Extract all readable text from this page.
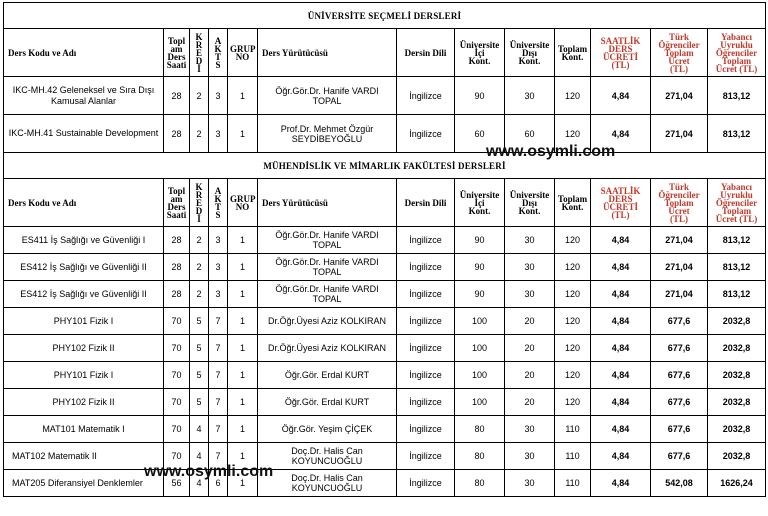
ÜNİVERSİTE SEÇMELİ DERSLERİ												
Ders Kodu ve Adı	Topl
am
Ders
Saati	K
R
E
D
İ	A
K
T
S	GRUP
NO	Ders Yürütücüsü	Dersin Dili	Üniversite
İçi
Kont.	Üniversite
Dışı
Kont.	Toplam
Kont.	SAATLİK
DERS
ÜCRETİ
(TL)	Türk
Öğrenciler
Toplam Ücret
(TL)	Yabancı
Uyruklu
Öğrenciler
Toplam
Ücret (TL)
IKC-MH.42 Geleneksel ve Sıra Dışı Kamusal Alanlar	28	2	3	1	Öğr.Gör.Dr. Hanife VARDI TOPAL	İngilizce	90	30	120	4,84	271,04	813,12
IKC-MH.41 Sustainable Development	28	2	3	1	Prof.Dr. Mehmet Özgür SEYDİBEYOĞLU	İngilizce	60	60	120	4,84	271,04	813,12
MÜHENDİSLİK VE MİMARLIK FAKÜLTESİ DERSLERİ												
Ders Kodu ve Adı	Topl
am
Ders
Saati	K
R
E
D
İ	A
K
T
S	GRUP
NO	Ders Yürütücüsü	Dersin Dili	Üniversite
İçi
Kont.	Üniversite
Dışı
Kont.	Toplam
Kont.	SAATLİK
DERS
ÜCRETİ
(TL)	Türk
Öğrenciler
Toplam Ücret
(TL)	Yabancı
Uyruklu
Öğrenciler
Toplam
Ücret (TL)
ES411 İş Sağlığı ve Güvenliği I	28	2	3	1	Öğr.Gör.Dr. Hanife VARDI TOPAL	İngilizce	90	30	120	4,84	271,04	813,12
ES412 İş Sağlığı ve Güvenliği II	28	2	3	1	Öğr.Gör.Dr. Hanife VARDI TOPAL	İngilizce	90	30	120	4,84	271,04	813,12
ES412 İş Sağlığı ve Güvenliği II	28	2	3	1	Öğr.Gör.Dr. Hanife VARDI TOPAL	İngilizce	90	30	120	4,84	271,04	813,12
PHY101 Fizik I	70	5	7	1	Dr.Öğr.Üyesi Aziz KOLKIRAN	İngilizce	100	20	120	4,84	677,6	2032,8
PHY102 Fizik II	70	5	7	1	Dr.Öğr.Üyesi Aziz KOLKIRAN	İngilizce	100	20	120	4,84	677,6	2032,8
PHY101 Fizik I	70	5	7	1	Öğr.Gör. Erdal KURT	İngilizce	100	20	120	4,84	677,6	2032,8
PHY102 Fizik II	70	5	7	1	Öğr.Gör. Erdal KURT	İngilizce	100	20	120	4,84	677,6	2032,8
MAT101 Matematik I	70	4	7	1	Öğr.Gör. Yeşim ÇİÇEK	İngilizce	80	30	110	4,84	677,6	2032,8
MAT102 Matematik II	70	4	7	1	Doç.Dr. Halis Can KOYUNCUOĞLU	İngilizce	80	30	110	4,84	677,6	2032,8
MAT205 Diferansiyel Denklemler	56	4	6	1	Doç.Dr. Halis Can KOYUNCUOĞLU	İngilizce	80	30	110	4,84	542,08	1626,24
www.osymli.com
www.osymli.com
